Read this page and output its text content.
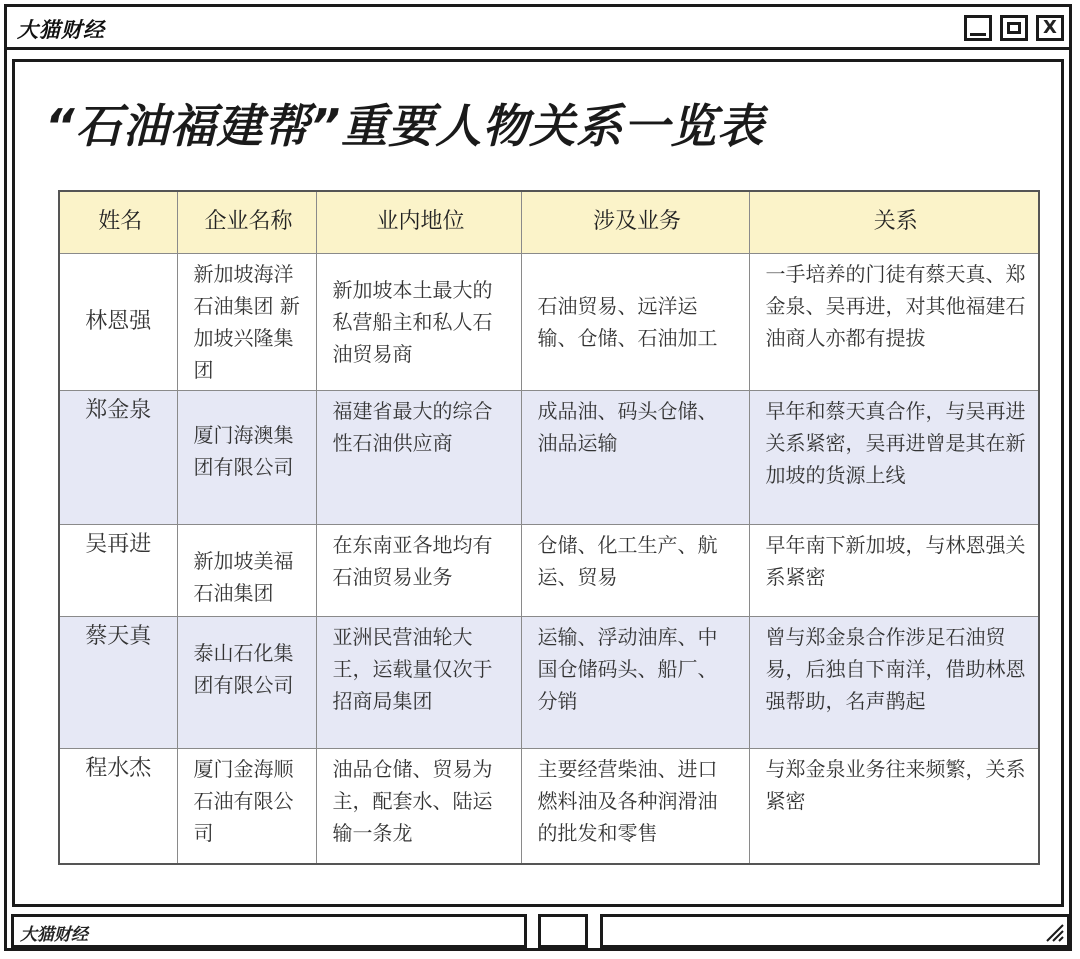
大猫财经	X
“石油福建帮”重要人物关系一览表
姓名	企业名称	业内地位	涉及业务	关系
林恩强	新加坡海洋石油集团 新加坡兴隆集团	新加坡本土最大的私营船主和私人石油贸易商	石油贸易、远洋运输、仓储、石油加工	一手培养的门徒有蔡天真、郑金泉、吴再进，对其他福建石油商人亦都有提拔
郑金泉	厦门海澳集团有限公司	福建省最大的综合性石油供应商	成品油、码头仓储、油品运输	早年和蔡天真合作，与吴再进关系紧密，吴再进曾是其在新加坡的货源上线
吴再进	新加坡美福石油集团	在东南亚各地均有石油贸易业务	仓储、化工生产、航运、贸易	早年南下新加坡，与林恩强关系紧密
蔡天真	泰山石化集团有限公司	亚洲民营油轮大王，运载量仅次于招商局集团	运输、浮动油库、中国仓储码头、船厂、分销	曾与郑金泉合作涉足石油贸易，后独自下南洋，借助林恩强帮助，名声鹊起
程水杰	厦门金海顺石油有限公司	油品仓储、贸易为主，配套水、陆运输一条龙	主要经营柴油、进口燃料油及各种润滑油的批发和零售	与郑金泉业务往来频繁，关系紧密
大猫财经
